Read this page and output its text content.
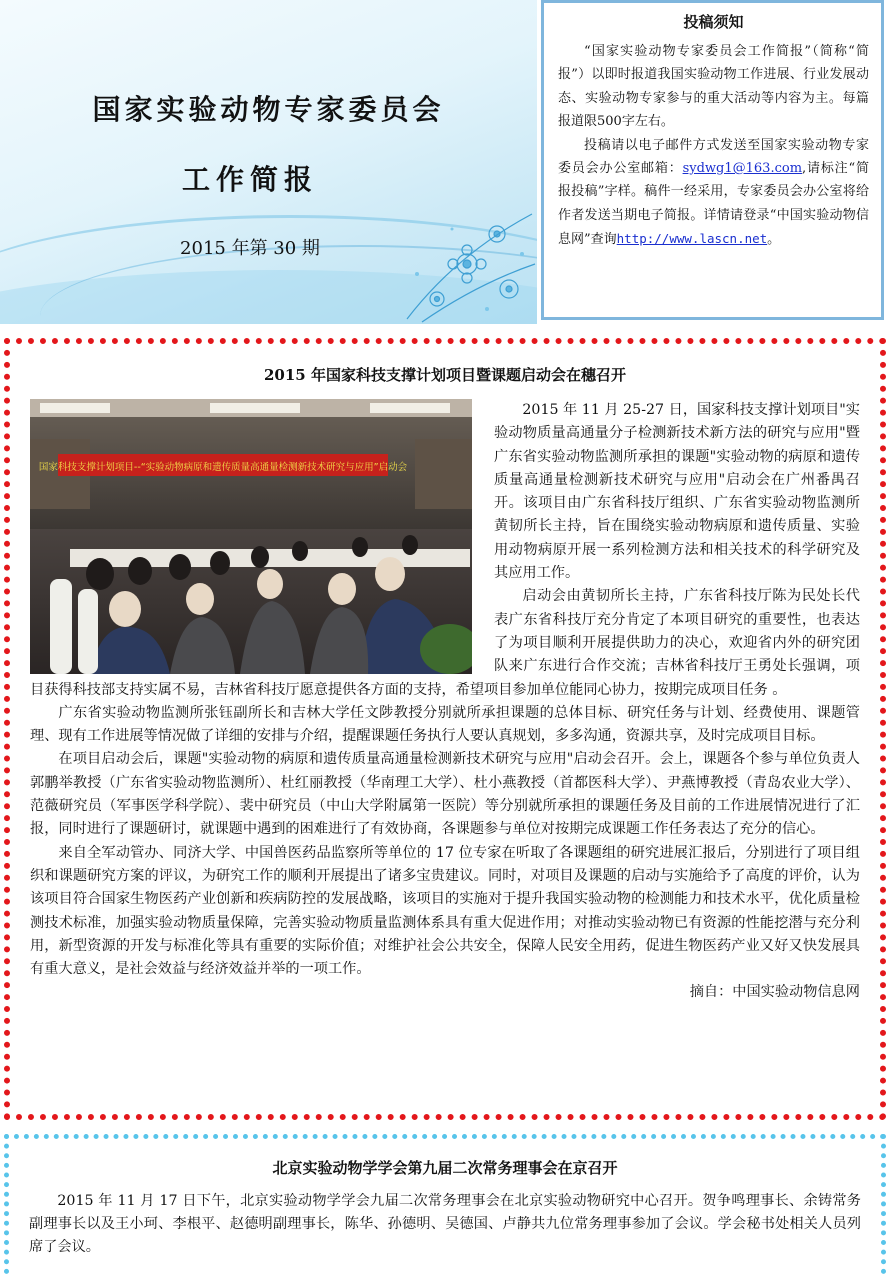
国家实验动物专家委员会
工作简报
2015 年第 30 期
投稿须知

“国家实验动物专家委员会工作简报”（简称“简报”）以即时报道我国实验动物工作进展、行业发展动态、实验动物专家参与的重大活动等内容为主。每篇报道限500字左右。

投稿请以电子邮件方式发送至国家实验动物专家委员会办公室邮箱：sydwg1@163.com,请标注“简报投稿”字样。稿件一经采用，专家委员会办公室将给作者发送当期电子简报。详情请登录“中国实验动物信息网”查询http://www.lascn.net。

2015 年国家科技支撑计划项目暨课题启动会在穗召开
国家科技支撑计划项目--“实验动物病原和遗传质量高通量检测新技术研究与应用”启动会

2015 年 11 月 25-27 日，国家科技支撑计划项目"实验动物质量高通量分子检测新技术新方法的研究与应用"暨广东省实验动物监测所承担的课题"实验动物的病原和遗传质量高通量检测新技术研究与应用"启动会在广州番禺召开。该项目由广东省科技厅组织、广东省实验动物监测所黄韧所长主持，旨在围绕实验动物病原和遗传质量、实验用动物病原开展一系列检测方法和相关技术的科学研究及其应用工作。

启动会由黄韧所长主持，广东省科技厅陈为民处长代表广东省科技厅充分肯定了本项目研究的重要性，也表达了为项目顺利开展提供助力的决心，欢迎省内外的研究团队来广东进行合作交流；吉林省科技厅王勇处长强调，项目获得科技部支持实属不易，吉林省科技厅愿意提供各方面的支持，希望项目参加单位能同心协力，按期完成项目任务 。

广东省实验动物监测所张钰副所长和吉林大学任文陟教授分别就所承担课题的总体目标、研究任务与计划、经费使用、课题管理、现有工作进展等情况做了详细的安排与介绍，提醒课题任务执行人要认真规划，多多沟通，资源共享，及时完成项目目标。

在项目启动会后，课题"实验动物的病原和遗传质量高通量检测新技术研究与应用"启动会召开。会上，课题各个参与单位负责人郭鹏举教授（广东省实验动物监测所）、杜红丽教授（华南理工大学）、杜小燕教授（首都医科大学）、尹燕博教授（青岛农业大学）、范薇研究员（军事医学科学院）、裴中研究员（中山大学附属第一医院）等分别就所承担的课题任务及目前的工作进展情况进行了汇报，同时进行了课题研讨，就课题中遇到的困难进行了有效协商，各课题参与单位对按期完成课题工作任务表达了充分的信心。

来自全军动管办、同济大学、中国兽医药品监察所等单位的 17 位专家在听取了各课题组的研究进展汇报后，分别进行了项目组织和课题研究方案的评议，为研究工作的顺利开展提出了诸多宝贵建议。同时，对项目及课题的启动与实施给予了高度的评价，认为该项目符合国家生物医药产业创新和疾病防控的发展战略，该项目的实施对于提升我国实验动物的检测能力和技术水平，优化质量检测技术标准，加强实验动物质量保障，完善实验动物质量监测体系具有重大促进作用；对推动实验动物已有资源的性能挖潜与充分利用，新型资源的开发与标准化等具有重要的实际价值；对维护社会公共安全，保障人民安全用药，促进生物医药产业又好又快发展具有重大意义，是社会效益与经济效益并举的一项工作。

摘自：中国实验动物信息网

北京实验动物学学会第九届二次常务理事会在京召开

2015 年 11 月 17 日下午，北京实验动物学学会九届二次常务理事会在北京实验动物研究中心召开。贺争鸣理事长、余铸常务副理事长以及王小珂、李根平、赵德明副理事长，陈华、孙德明、吴德国、卢静共九位常务理事参加了会议。学会秘书处相关人员列席了会议。
